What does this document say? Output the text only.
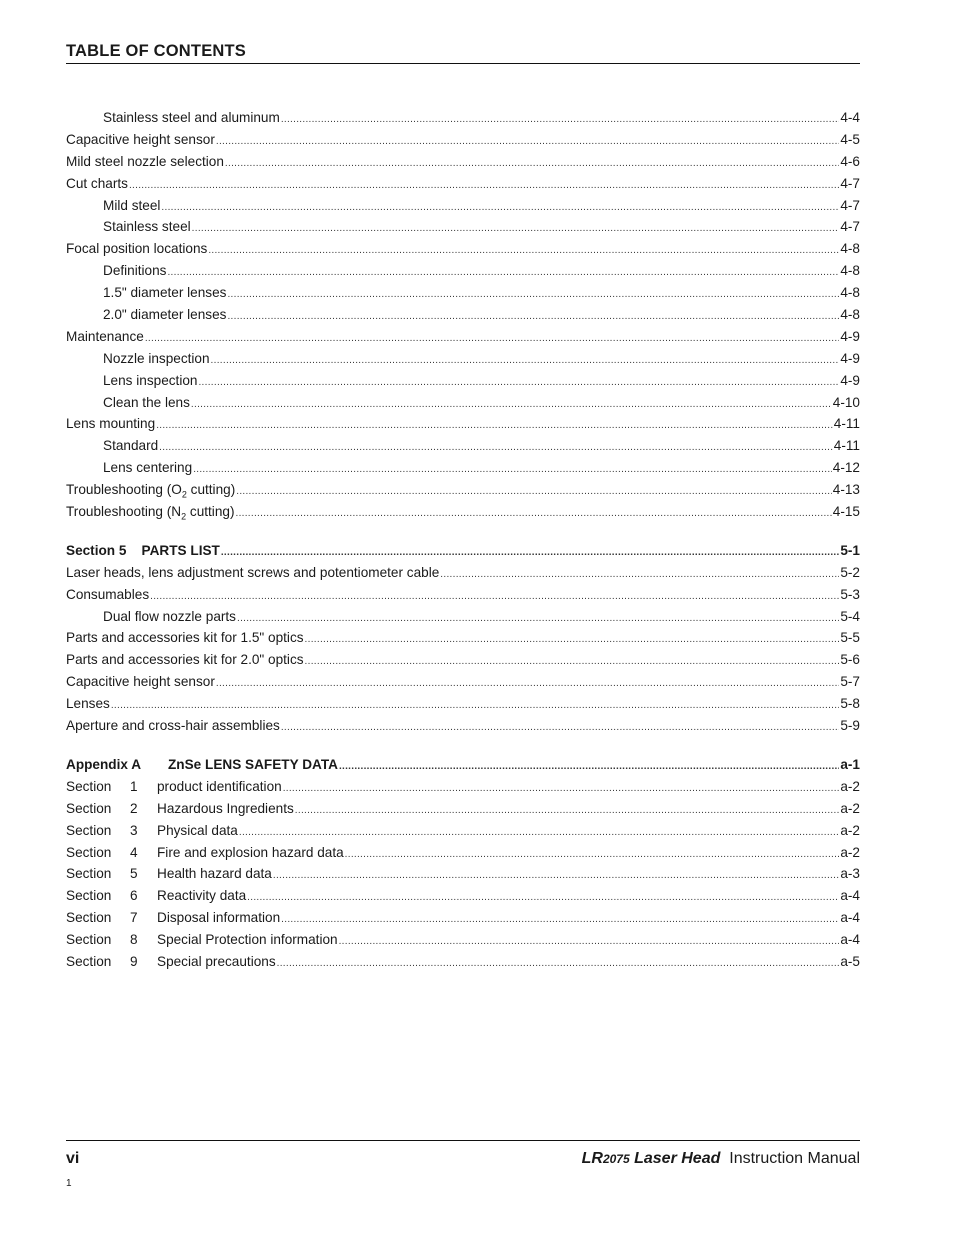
TABLE OF CONTENTS
Stainless steel and aluminum .....	4-4
Capacitive height sensor .....	4-5
Mild steel nozzle selection .....	4-6
Cut charts .....	4-7
Mild steel .....	4-7
Stainless steel .....	4-7
Focal position locations .....	4-8
Definitions .....	4-8
1.5" diameter lenses .....	4-8
2.0" diameter lenses .....	4-8
Maintenance .....	4-9
Nozzle inspection .....	4-9
Lens inspection .....	4-9
Clean the lens .....	4-10
Lens mounting .....	4-11
Standard .....	4-11
Lens centering .....	4-12
Troubleshooting ($O_2$ cutting) .....	4-13
Troubleshooting ($N_2$ cutting) .....	4-15
Section 5 PARTS LIST .....	5-1
Laser heads, lens adjustment screws and potentiometer cable .....	5-2
Consumables .....	5-3
Dual flow nozzle parts .....	5-4
Parts and accessories kit for 1.5" optics .....	5-5
Parts and accessories kit for 2.0" optics .....	5-6
Capacitive height sensor .....	5-7
Lenses .....	5-8
Aperture and cross-hair assemblies .....	5-9
Appendix A ZnSe LENS SAFETY DATA .....	a-1
Section 1 product identification .....	a-2
Section 2 Hazardous Ingredients .....	a-2
Section 3 Physical data .....	a-2
Section 4 Fire and explosion hazard data .....	a-2
Section 5 Health hazard data .....	a-3
Section 6 Reactivity data .....	a-4
Section 7 Disposal information .....	a-4
Section 8 Special Protection information .....	a-4
Section 9 Special precautions .....	a-5
vi	LR2075 Laser Head Instruction Manual
1
